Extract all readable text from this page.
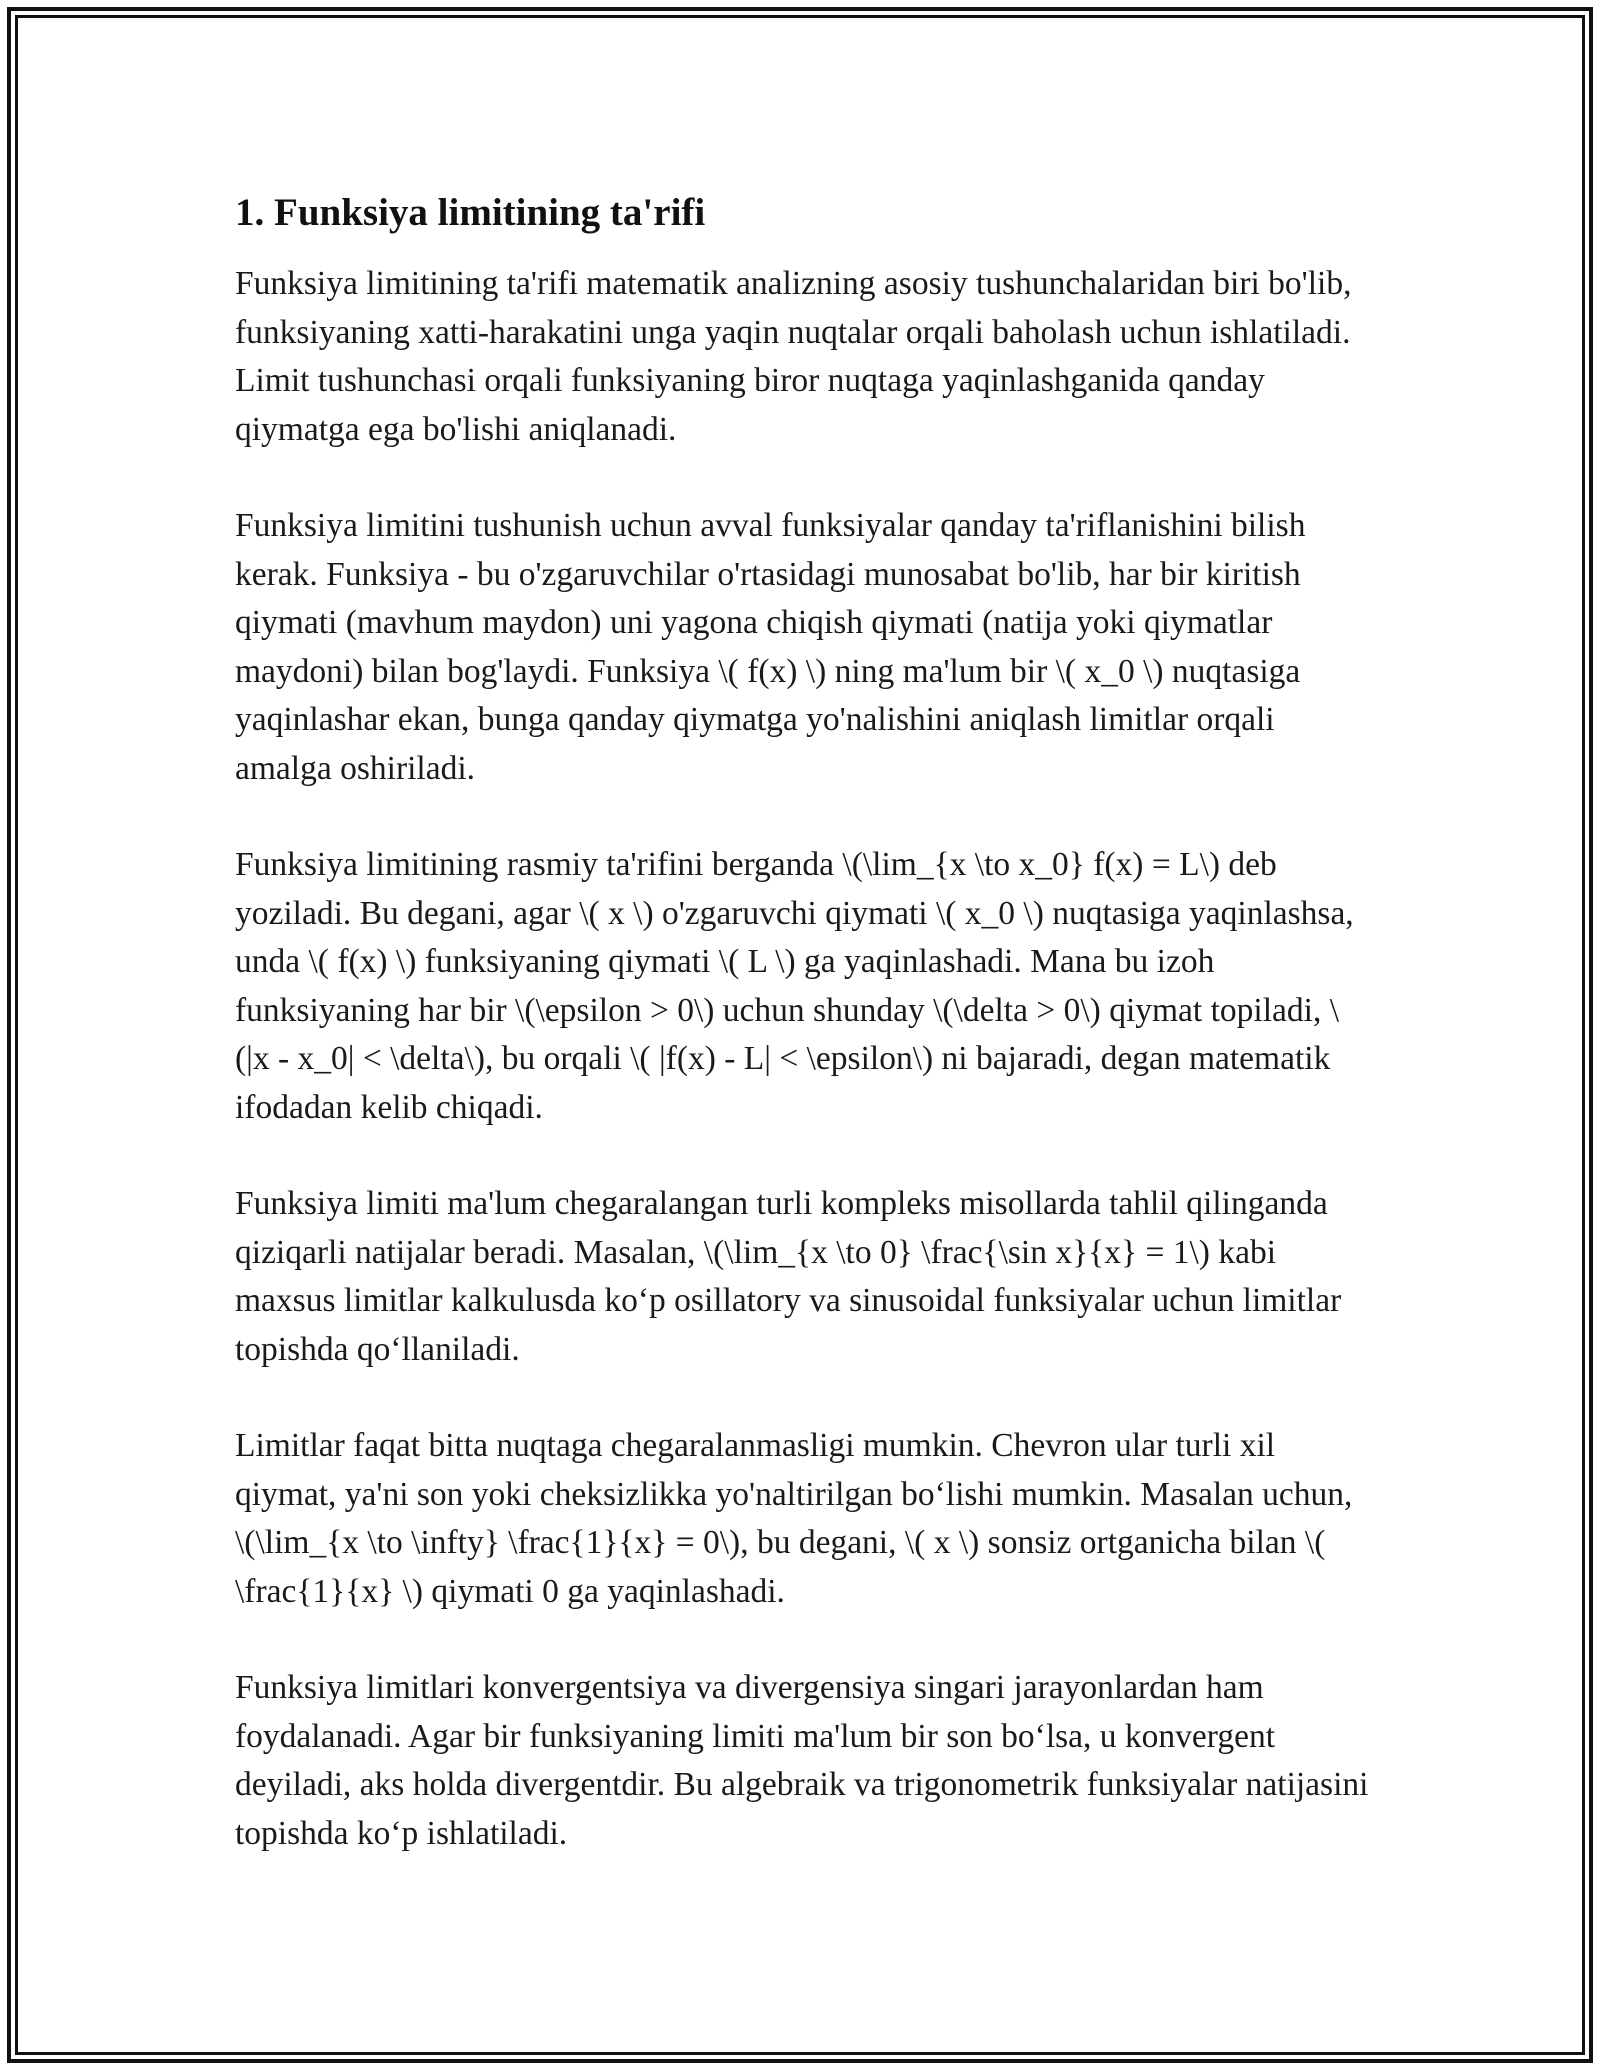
1. Funksiya limitining ta'rifi

Funksiya limitining ta'rifi matematik analizning asosiy tushunchalaridan biri bo'lib, funksiyaning xatti-harakatini unga yaqin nuqtalar orqali baholash uchun ishlatiladi. Limit tushunchasi orqali funksiyaning biror nuqtaga yaqinlashganida qanday qiymatga ega bo'lishi aniqlanadi.

Funksiya limitini tushunish uchun avval funksiyalar qanday ta'riflanishini bilish kerak. Funksiya - bu o'zgaruvchilar o'rtasidagi munosabat bo'lib, har bir kiritish qiymati (mavhum maydon) uni yagona chiqish qiymati (natija yoki qiymatlar maydoni) bilan bog'laydi. Funksiya \( f(x) \) ning ma'lum bir \( x_0 \) nuqtasiga yaqinlashar ekan, bunga qanday qiymatga yo'nalishini aniqlash limitlar orqali amalga oshiriladi.

Funksiya limitining rasmiy ta'rifini berganda \(\lim_{x \to x_0} f(x) = L\) deb yoziladi. Bu degani, agar \( x \) o'zgaruvchi qiymati \( x_0 \) nuqtasiga yaqinlashsa, unda \( f(x) \) funksiyaning qiymati \( L \) ga yaqinlashadi. Mana bu izoh funksiyaning har bir \(\epsilon > 0\) uchun shunday \(\delta > 0\) qiymat topiladi, \(|x - x_0| < \delta\), bu orqali \( |f(x) - L| < \epsilon\) ni bajaradi, degan matematik ifodadan kelib chiqadi.

Funksiya limiti ma'lum chegaralangan turli kompleks misollarda tahlil qilinganda qiziqarli natijalar beradi. Masalan, \(\lim_{x \to 0} \frac{\sin x}{x} = 1\) kabi maxsus limitlar kalkulusda ko‘p osillatory va sinusoidal funksiyalar uchun limitlar topishda qo‘llaniladi.

Limitlar faqat bitta nuqtaga chegaralanmasligi mumkin. Chevron ular turli xil qiymat, ya'ni son yoki cheksizlikka yo'naltirilgan bo‘lishi mumkin. Masalan uchun, \(\lim_{x \to \infty} \frac{1}{x} = 0\), bu degani, \( x \) sonsiz ortganicha bilan \( \frac{1}{x} \) qiymati 0 ga yaqinlashadi.

Funksiya limitlari konvergentsiya va divergensiya singari jarayonlardan ham foydalanadi. Agar bir funksiyaning limiti ma'lum bir son bo‘lsa, u konvergent deyiladi, aks holda divergentdir. Bu algebraik va trigonometrik funksiyalar natijasini topishda ko‘p ishlatiladi.
